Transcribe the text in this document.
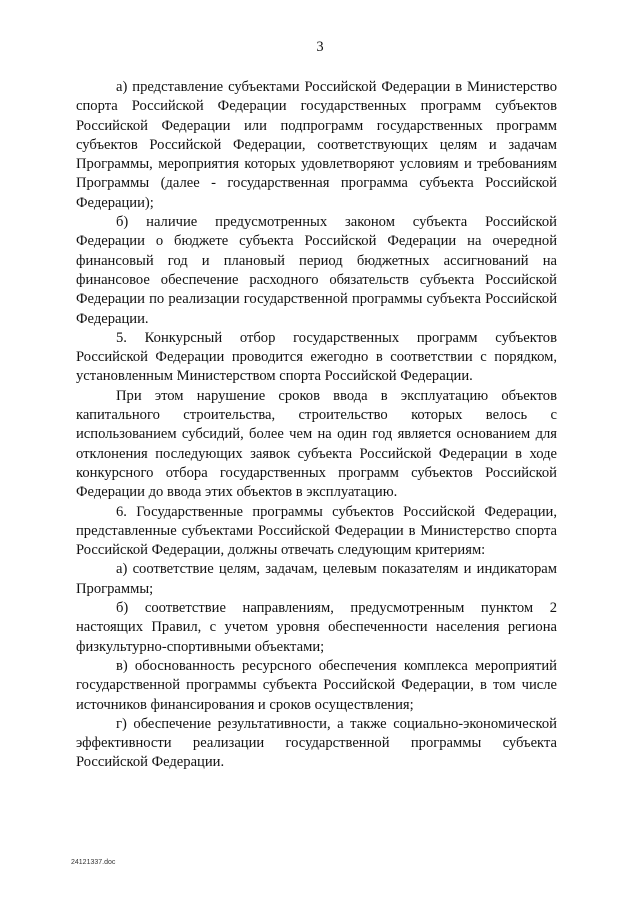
3

а) представление субъектами Российской Федерации в Министерство спорта Российской Федерации государственных программ субъектов Российской Федерации или подпрограмм государственных программ субъектов Российской Федерации, соответствующих целям и задачам Программы, мероприятия которых удовлетворяют условиям и требованиям Программы (далее - государственная программа субъекта Российской Федерации);

б) наличие предусмотренных законом субъекта Российской Федерации о бюджете субъекта Российской Федерации на очередной финансовый год и плановый период бюджетных ассигнований на финансовое обеспечение расходного обязательств субъекта Российской Федерации по реализации государственной программы субъекта Российской Федерации.

5. Конкурсный отбор государственных программ субъектов Российской Федерации проводится ежегодно в соответствии с порядком, установленным Министерством спорта Российской Федерации.

При этом нарушение сроков ввода в эксплуатацию объектов капитального строительства, строительство которых велось с использованием субсидий, более чем на один год является основанием для отклонения последующих заявок субъекта Российской Федерации в ходе конкурсного отбора государственных программ субъектов Российской Федерации до ввода этих объектов в эксплуатацию.

6. Государственные программы субъектов Российской Федерации, представленные субъектами Российской Федерации в Министерство спорта Российской Федерации, должны отвечать следующим критериям:

а) соответствие целям, задачам, целевым показателям и индикаторам Программы;

б) соответствие направлениям, предусмотренным пунктом 2 настоящих Правил, с учетом уровня обеспеченности населения региона физкультурно-спортивными объектами;

в) обоснованность ресурсного обеспечения комплекса мероприятий государственной программы субъекта Российской Федерации, в том числе источников финансирования и сроков осуществления;

г) обеспечение результативности, а также социально-экономической эффективности реализации государственной программы субъекта Российской Федерации.

24121337.doc
